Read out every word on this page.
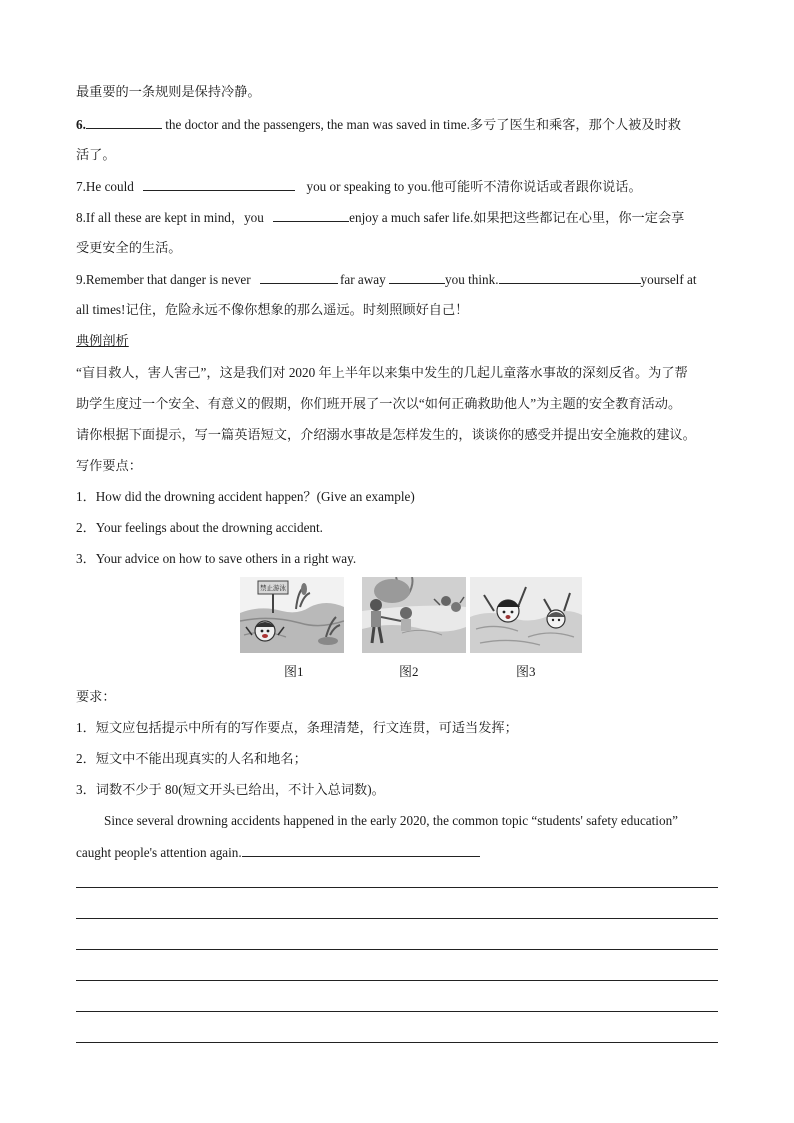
最重要的一条规则是保持冷静。
6.	the doctor and the passengers, the man was saved in time.多亏了医生和乘客，那个人被及时救
活了。
7.He could	you or speaking to you.他可能听不清你说话或者跟你说话。
8.If all these are kept in mind，you	enjoy a much safer life.如果把这些都记在心里，你一定会享
受更安全的生活。
9.Remember that danger is never	far away	you think.	yourself at
all times!记住，危险永远不像你想象的那么遥远。时刻照顾好自己！
典例剖析
“盲目救人，害人害己”，这是我们对 2020 年上半年以来集中发生的几起儿童落水事故的深刻反省。为了帮
助学生度过一个安全、有意义的假期，你们班开展了一次以“如何正确救助他人”为主题的安全教育活动。
请你根据下面提示，写一篇英语短文，介绍溺水事故是怎样发生的，谈谈你的感受并提出安全施救的建议。
写作要点：
1．How did the drowning accident happen？(Give an example)
2．Your feelings about the drowning accident.
3．Your advice on how to save others in a right way.
禁止游泳
图1	图2	图3
要求：
1．短文应包括提示中所有的写作要点，条理清楚，行文连贯，可适当发挥；
2．短文中不能出现真实的人名和地名；
3．词数不少于 80(短文开头已给出，不计入总词数)。
Since several drowning accidents happened in the early 2020, the common topic “students' safety education”
caught people's attention again.
